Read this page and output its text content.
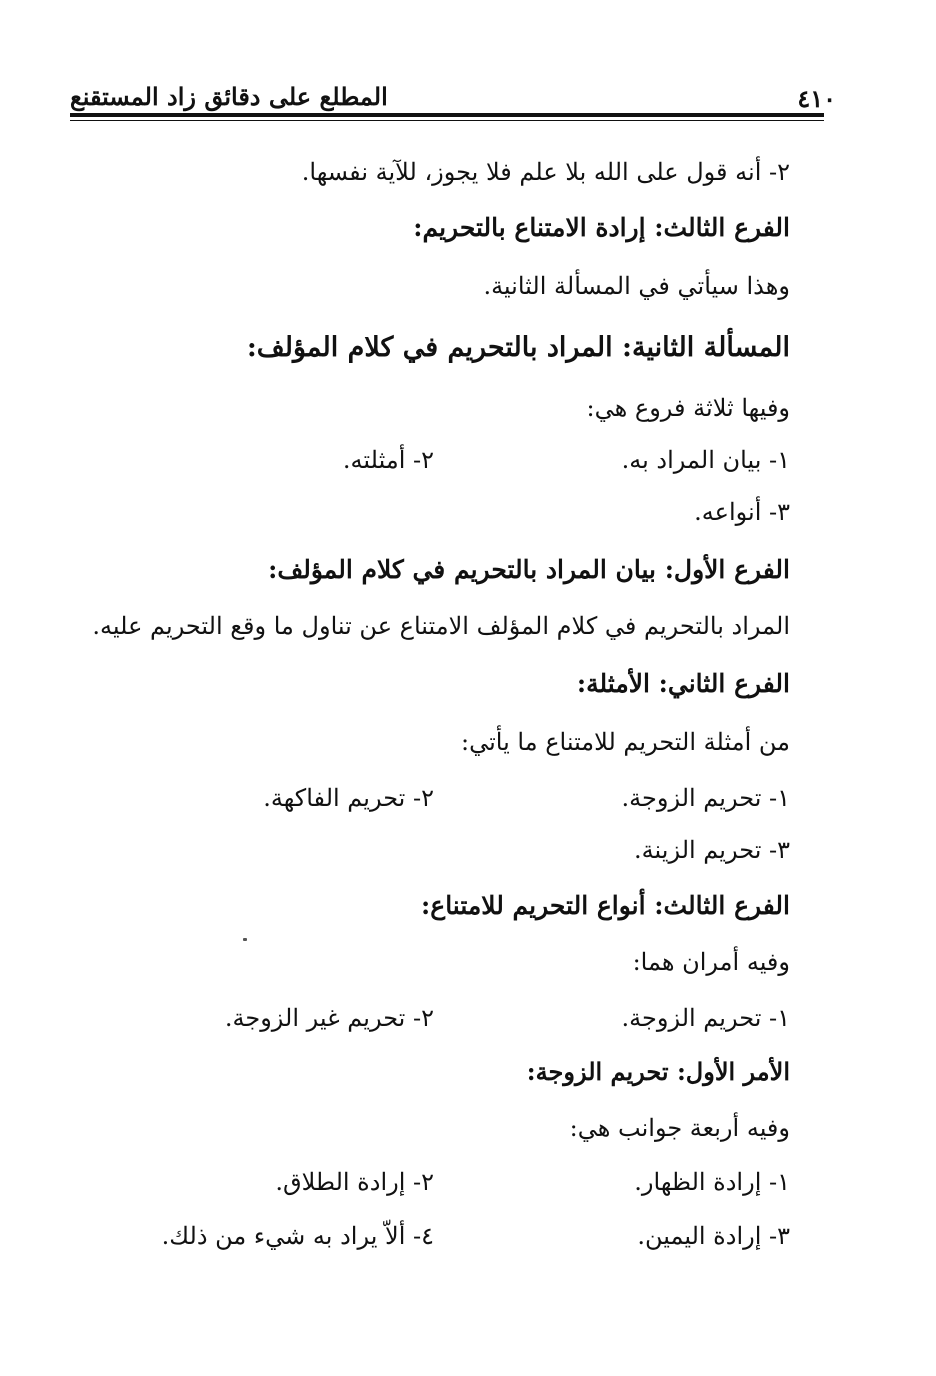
٤١٠
المطلع على دقائق زاد المستقنع
٢- أنه قول على الله بلا علم فلا يجوز، للآية نفسها.
الفرع الثالث: إرادة الامتناع بالتحريم:
وهذا سيأتي في المسألة الثانية.
المسألة الثانية: المراد بالتحريم في كلام المؤلف:
وفيها ثلاثة فروع هي:
١- بيان المراد به.
٢- أمثلته.
٣- أنواعه.
الفرع الأول: بيان المراد بالتحريم في كلام المؤلف:
المراد بالتحريم في كلام المؤلف الامتناع عن تناول ما وقع التحريم عليه.
الفرع الثاني: الأمثلة:
من أمثلة التحريم للامتناع ما يأتي:
١- تحريم الزوجة.
٢- تحريم الفاكهة.
٣- تحريم الزينة.
الفرع الثالث: أنواع التحريم للامتناع:
وفيه أمران هما:
١- تحريم الزوجة.
٢- تحريم غير الزوجة.
الأمر الأول: تحريم الزوجة:
وفيه أربعة جوانب هي:
١- إرادة الظهار.
٢- إرادة الطلاق.
٣- إرادة اليمين.
٤- ألاّ يراد به شيء من ذلك.
